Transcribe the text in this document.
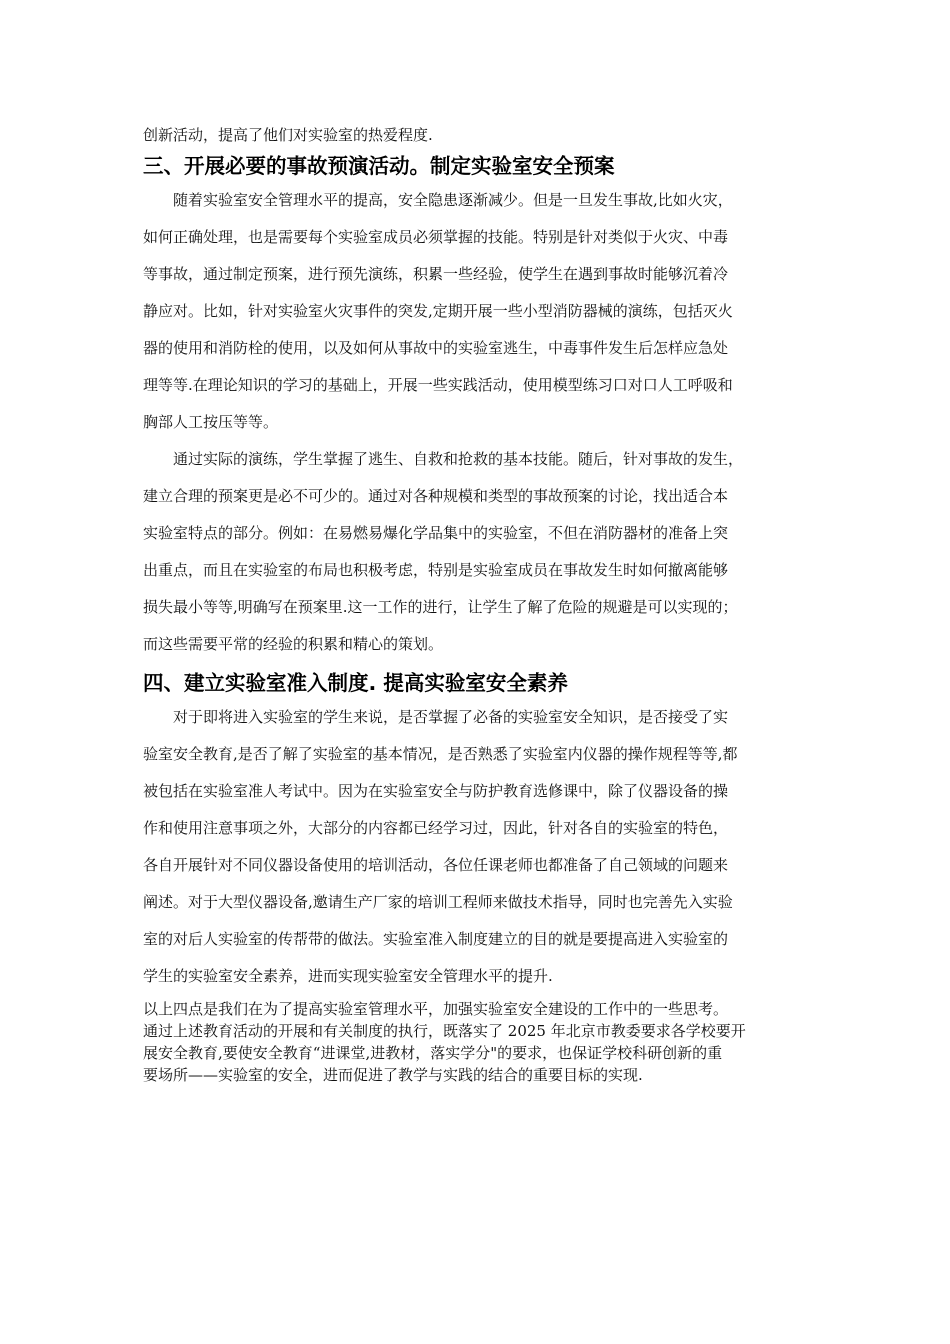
创新活动，提高了他们对实验室的热爱程度.

三、开展必要的事故预演活动。制定实验室安全预案

随着实验室安全管理水平的提高，安全隐患逐渐减少。但是一旦发生事故,比如火灾，

如何正确处理，也是需要每个实验室成员必须掌握的技能。特别是针对类似于火灾、中毒

等事故，通过制定预案，进行预先演练，积累一些经验，使学生在遇到事故时能够沉着冷

静应对。比如，针对实验室火灾事件的突发,定期开展一些小型消防器械的演练，包括灭火

器的使用和消防栓的使用，以及如何从事故中的实验室逃生，中毒事件发生后怎样应急处

理等等.在理论知识的学习的基础上，开展一些实践活动，使用模型练习口对口人工呼吸和

胸部人工按压等等。

通过实际的演练，学生掌握了逃生、自救和抢救的基本技能。随后，针对事故的发生，

建立合理的预案更是必不可少的。通过对各种规模和类型的事故预案的讨论，找出适合本

实验室特点的部分。例如：在易燃易爆化学品集中的实验室，不但在消防器材的准备上突

出重点，而且在实验室的布局也积极考虑，特别是实验室成员在事故发生时如何撤离能够

损失最小等等,明确写在预案里.这一工作的进行，让学生了解了危险的规避是可以实现的；

而这些需要平常的经验的积累和精心的策划。

四、建立实验室准入制度. 提高实验室安全素养

对于即将进入实验室的学生来说，是否掌握了必备的实验室安全知识，是否接受了实

验室安全教育,是否了解了实验室的基本情况，是否熟悉了实验室内仪器的操作规程等等,都

被包括在实验室准人考试中。因为在实验室安全与防护教育选修课中，除了仪器设备的操

作和使用注意事项之外，大部分的内容都已经学习过，因此，针对各自的实验室的特色，

各自开展针对不同仪器设备使用的培训活动，各位任课老师也都准备了自己领域的问题来

阐述。对于大型仪器设备,邀请生产厂家的培训工程师来做技术指导，同时也完善先入实验

室的对后人实验室的传帮带的做法。实验室准入制度建立的目的就是要提高进入实验室的

学生的实验室安全素养，进而实现实验室安全管理水平的提升.

以上四点是我们在为了提高实验室管理水平，加强实验室安全建设的工作中的一些思考。

通过上述教育活动的开展和有关制度的执行，既落实了 2025 年北京市教委要求各学校要开

展安全教育,要使安全教育“进课堂,进教材，落实学分"的要求，也保证学校科研创新的重

要场所——实验室的安全，进而促进了教学与实践的结合的重要目标的实现.
